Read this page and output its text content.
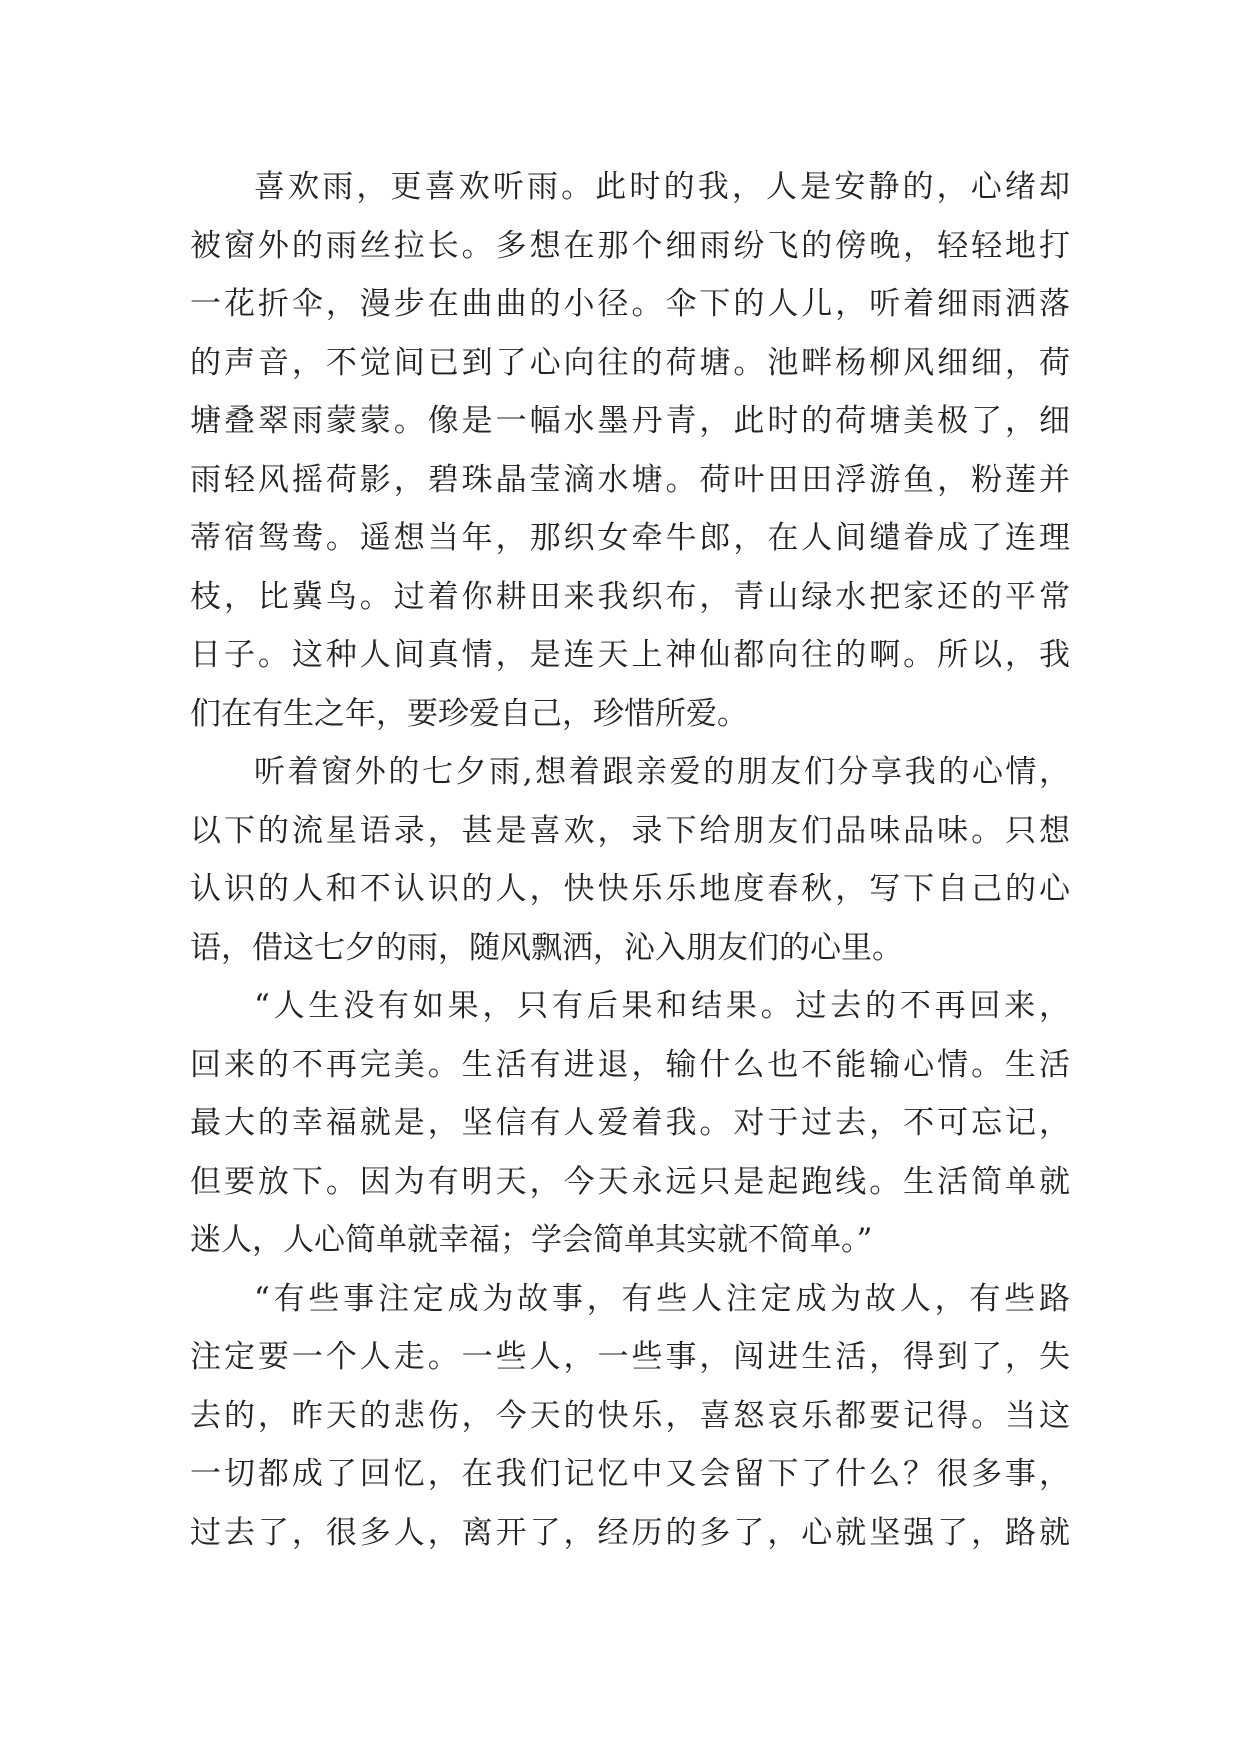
喜欢雨，更喜欢听雨。此时的我，人是安静的，心绪却
被窗外的雨丝拉长。多想在那个细雨纷飞的傍晚，轻轻地打
一花折伞，漫步在曲曲的小径。伞下的人儿，听着细雨洒落
的声音，不觉间已到了心向往的荷塘。池畔杨柳风细细，荷
塘叠翠雨蒙蒙。像是一幅水墨丹青，此时的荷塘美极了，细
雨轻风摇荷影，碧珠晶莹滴水塘。荷叶田田浮游鱼，粉莲并
蒂宿鸳鸯。遥想当年，那织女牵牛郎，在人间缱眷成了连理
枝，比冀鸟。过着你耕田来我织布，青山绿水把家还的平常
日子。这种人间真情，是连天上神仙都向往的啊。所以，我
们在有生之年，要珍爱自己，珍惜所爱。
听着窗外的七夕雨,想着跟亲爱的朋友们分享我的心情，
以下的流星语录，甚是喜欢，录下给朋友们品味品味。只想
认识的人和不认识的人，快快乐乐地度春秋，写下自己的心
语，借这七夕的雨，随风飘洒，沁入朋友们的心里。
“人生没有如果，只有后果和结果。过去的不再回来，
回来的不再完美。生活有进退，输什么也不能输心情。生活
最大的幸福就是，坚信有人爱着我。对于过去，不可忘记，
但要放下。因为有明天，今天永远只是起跑线。生活简单就
迷人，人心简单就幸福；学会简单其实就不简单。”
“有些事注定成为故事，有些人注定成为故人，有些路
注定要一个人走。一些人，一些事，闯进生活，得到了，失
去的，昨天的悲伤，今天的快乐，喜怒哀乐都要记得。当这
一切都成了回忆，在我们记忆中又会留下了什么？很多事，
过去了，很多人，离开了，经历的多了，心就坚强了，路就
